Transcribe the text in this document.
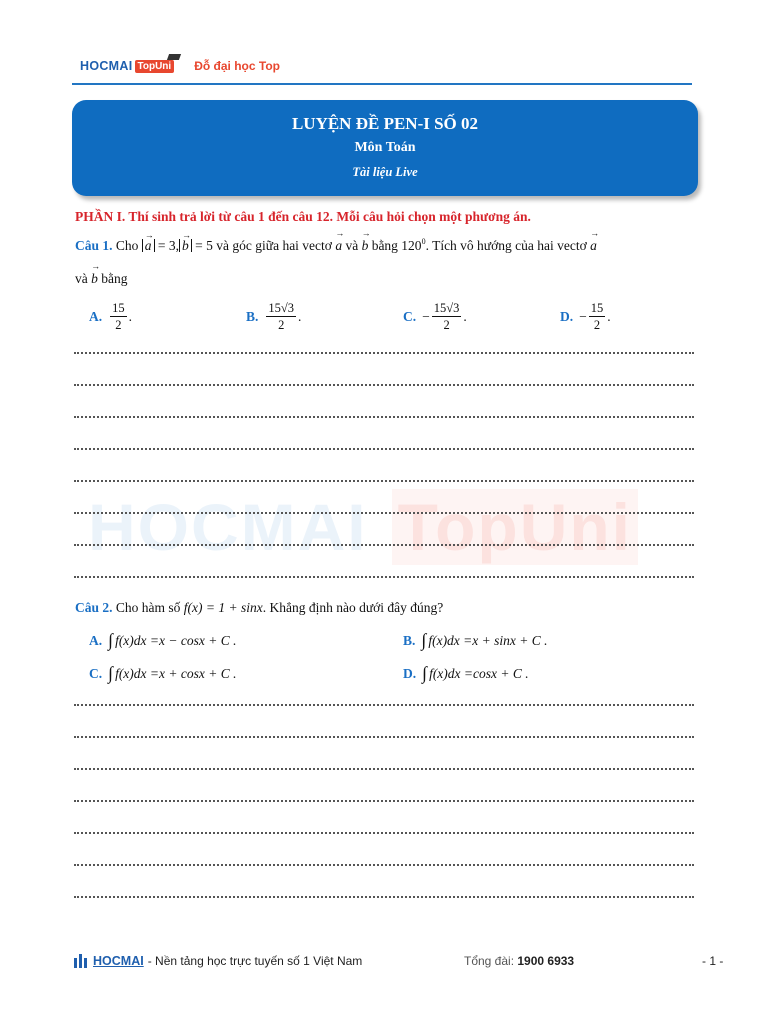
HOCMAI TopUni Đỗ đại học Top
LUYỆN ĐỀ PEN-I SỐ 02
Môn Toán
Tài liệu Live
HOCMAI TopUni
PHẦN I. Thí sinh trả lời từ câu 1 đến câu 12. Mỗi câu hỏi chọn một phương án.
Câu 1. Cho → a = 3,→ b = 5 và góc giữa hai vectơ → a và → b bằng $120^0$. Tích vô hướng của hai vectơ → a
và → b bằng
A. $\frac{15}{2}$ .	B. $\frac{15√3}{2}$ .	C. − $\frac{15√3}{2}$ .	D. − $\frac{15}{2}$ .
Câu 2. Cho hàm số f(x) = 1 + sinx. Khẳng định nào dưới đây đúng?
A. ∫ f(x)dx = x − cosx + C .	B. ∫ f(x)dx = x + sinx + C .
C. ∫ f(x)dx = x + cosx + C .	D. ∫ f(x)dx = cosx + C .
HOCMAI - Nền tảng học trực tuyến số 1 Việt Nam	Tổng đài: 1900 6933	- 1 -
